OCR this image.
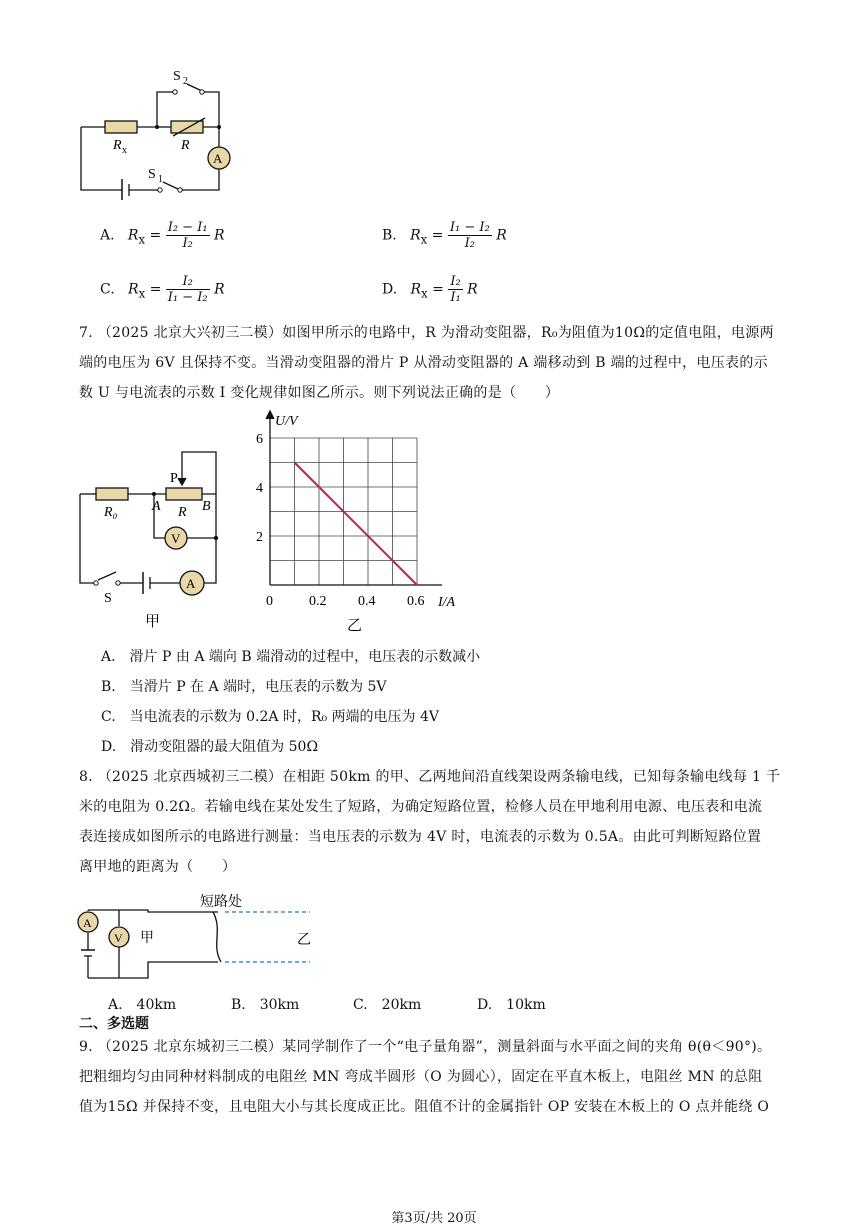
S 2
R x	R
S 1
A
A. $R_x = \frac{\text{I₂ − I₁}}{\text{I₂}}$ R	B. $R_x = \frac{\text{I₁ − I₂}}{\text{I₂}}$ R
C. $R_x = \frac{\text{I₂}}{\text{I₁ − I₂}}$ R	D. $R_x = \frac{\text{I₂}}{\text{I₁}}$ R
7. （2025 北京大兴初三二模）如图甲所示的电路中，R 为滑动变阻器，R₀为阻值为10Ω的定值电阻，电源两
端的电压为 6V 且保持不变。当滑动变阻器的滑片 P 从滑动变阻器的 A 端移动到 B 端的过程中，电压表的示
数 U 与电流表的示数 I 变化规律如图乙所示。则下列说法正确的是（　　）
P
R₀ A R B
V
A
S
甲
U/V
I/A
0	0.2 0.4 0.6
2
4
6
乙
A.　滑片 P 由 A 端向 B 端滑动的过程中，电压表的示数减小
B.　当滑片 P 在 A 端时，电压表的示数为 5V
C.　当电流表的示数为 0.2A 时，R₀ 两端的电压为 4V
D.　滑动变阻器的最大阻值为 50Ω
8. （2025 北京西城初三二模）在相距 50km 的甲、乙两地间沿直线架设两条输电线，已知每条输电线每 1 千
米的电阻为 0.2Ω。若输电线在某处发生了短路，为确定短路位置，检修人员在甲地利用电源、电压表和电流
表连接成如图所示的电路进行测量：当电压表的示数为 4V 时，电流表的示数为 0.5A。由此可判断短路位置
离甲地的距离为（　　）
短路处
甲	乙
A
V
A.　40km	B.　30km	C.　20km	D.　10km
二、多选题
9. （2025 北京东城初三二模）某同学制作了一个“电子量角器”，测量斜面与水平面之间的夹角 θ(θ＜90°)。
把粗细均匀由同种材料制成的电阻丝 MN 弯成半圆形（O 为圆心），固定在平直木板上，电阻丝 MN 的总阻
值为15Ω 并保持不变，且电阻大小与其长度成正比。阻值不计的金属指针 OP 安装在木板上的 O 点并能绕 O
第3页/共 20页
